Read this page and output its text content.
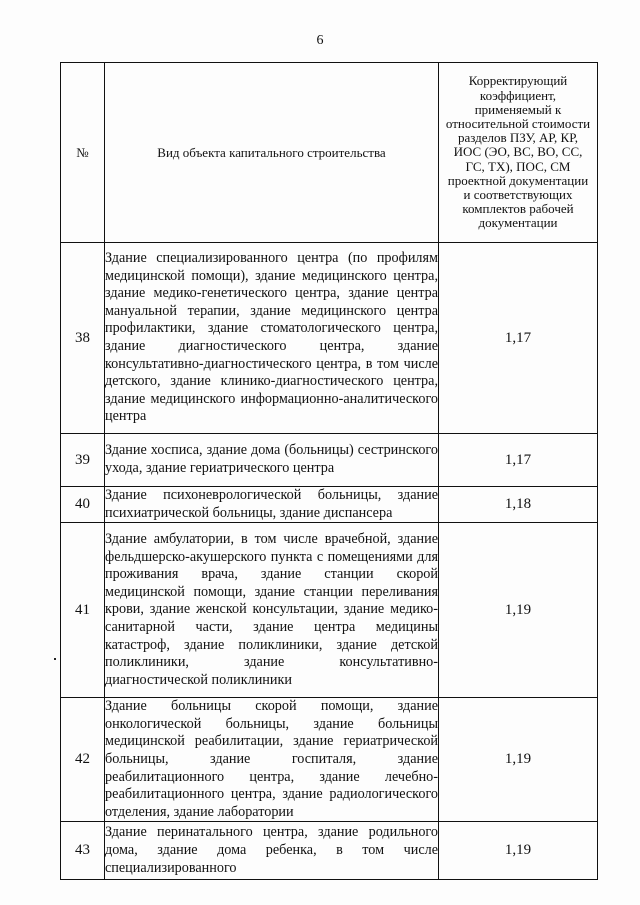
6
№	Вид объекта капитального строительства	Корректирующий коэффициент, применяемый к относительной стоимости разделов ПЗУ, АР, КР, ИОС (ЭО, ВС, ВО, СС, ГС, ТХ), ПОС, СМ проектной документации и соответствующих комплектов рабочей документации

38	Здание специализированного центра (по профилям медицинской помощи), здание медицинского центра, здание медико-генетического центра, здание центра мануальной терапии, здание медицинского центра профилактики, здание стоматологического центра, здание диагностического центра, здание консультативно-диагностического центра, в том числе детского, здание клинико-диагностического центра, здание медицинского информационно-аналитического центра	1,17
39	Здание хосписа, здание дома (больницы) сестринского ухода, здание гериатрического центра	1,17
40	Здание психоневрологической больницы, здание психиатрической больницы, здание диспансера	1,18
41	Здание амбулатории, в том числе врачебной, здание фельдшерско-акушерского пункта с помещениями для проживания врача, здание станции скорой медицинской помощи, здание станции переливания крови, здание женской консультации, здание медико-санитарной части, здание центра медицины катастроф, здание поликлиники, здание детской поликлиники, здание консультативно-диагностической поликлиники	1,19
42	Здание больницы скорой помощи, здание онкологической больницы, здание больницы медицинской реабилитации, здание гериатрической больницы, здание госпиталя, здание реабилитационного центра, здание лечебно-реабилитационного центра, здание радиологического отделения, здание лаборатории	1,19
43	Здание перинатального центра, здание родильного дома, здание дома ребенка, в том числе специализированного	1,19
